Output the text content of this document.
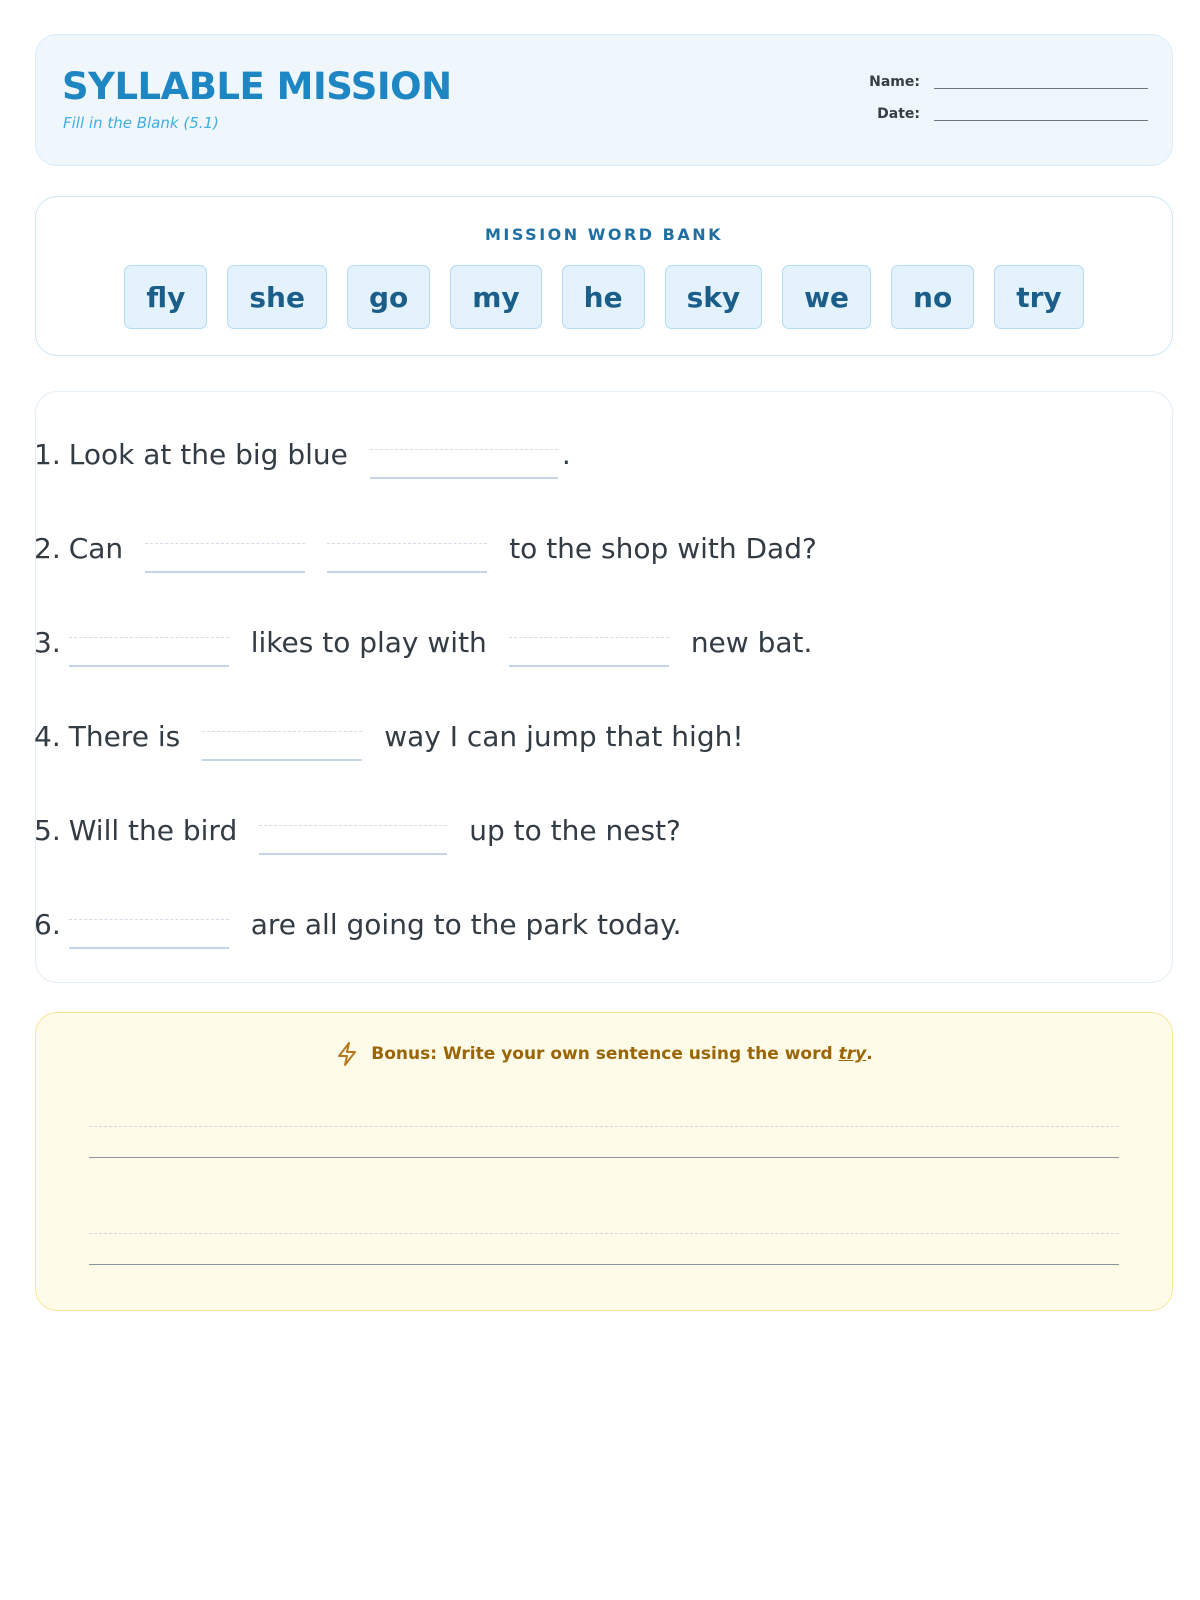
SYLLABLE MISSION
Fill in the Blank (5.1)
Name:
Date:
MISSION WORD BANK
fly	she	go	my	he	sky	we	no	try
1. Look at the big blue	.
2. Can	to the shop with Dad?
3.	likes to play with	new bat.
4. There is	way I can jump that high!
5. Will the bird	up to the nest?
6.	are all going to the park today.
Bonus: Write your own sentence using the word try .
